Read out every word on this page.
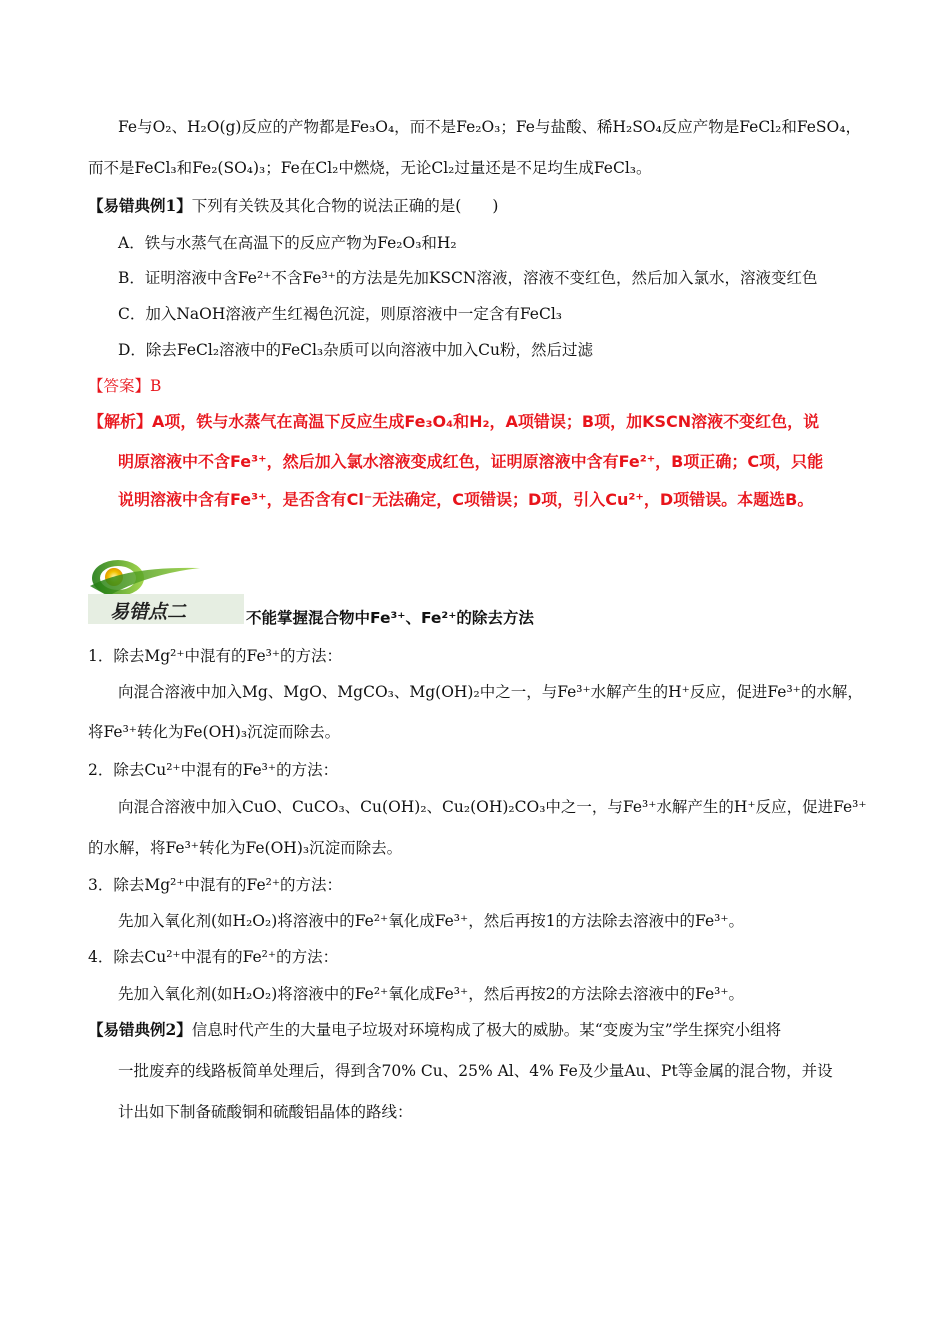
Fe与O₂、H₂O(g)反应的产物都是Fe₃O₄，而不是Fe₂O₃；Fe与盐酸、稀H₂SO₄反应产物是FeCl₂和FeSO₄，
而不是FeCl₃和Fe₂(SO₄)₃；Fe在Cl₂中燃烧，无论Cl₂过量还是不足均生成FeCl₃。
【易错典例1】下列有关铁及其化合物的说法正确的是(　　)
A．铁与水蒸气在高温下的反应产物为Fe₂O₃和H₂
B．证明溶液中含Fe²⁺不含Fe³⁺的方法是先加KSCN溶液，溶液不变红色，然后加入氯水，溶液变红色
C．加入NaOH溶液产生红褐色沉淀，则原溶液中一定含有FeCl₃
D．除去FeCl₂溶液中的FeCl₃杂质可以向溶液中加入Cu粉，然后过滤
【答案】B
【解析】A项，铁与水蒸气在高温下反应生成Fe₃O₄和H₂，A项错误；B项，加KSCN溶液不变红色，说
明原溶液中不含Fe³⁺，然后加入氯水溶液变成红色，证明原溶液中含有Fe²⁺，B项正确；C项，只能
说明溶液中含有Fe³⁺，是否含有Cl⁻无法确定，C项错误；D项，引入Cu²⁺，D项错误。本题选B。
易错点二	不能掌握混合物中Fe³⁺、Fe²⁺的除去方法
1．除去Mg²⁺中混有的Fe³⁺的方法：
向混合溶液中加入Mg、MgO、MgCO₃、Mg(OH)₂中之一，与Fe³⁺水解产生的H⁺反应，促进Fe³⁺的水解，
将Fe³⁺转化为Fe(OH)₃沉淀而除去。
2．除去Cu²⁺中混有的Fe³⁺的方法：
向混合溶液中加入CuO、CuCO₃、Cu(OH)₂、Cu₂(OH)₂CO₃中之一，与Fe³⁺水解产生的H⁺反应，促进Fe³⁺
的水解，将Fe³⁺转化为Fe(OH)₃沉淀而除去。
3．除去Mg²⁺中混有的Fe²⁺的方法：
先加入氧化剂(如H₂O₂)将溶液中的Fe²⁺氧化成Fe³⁺，然后再按1的方法除去溶液中的Fe³⁺。
4．除去Cu²⁺中混有的Fe²⁺的方法：
先加入氧化剂(如H₂O₂)将溶液中的Fe²⁺氧化成Fe³⁺，然后再按2的方法除去溶液中的Fe³⁺。
【易错典例2】信息时代产生的大量电子垃圾对环境构成了极大的威胁。某“变废为宝”学生探究小组将
一批废弃的线路板简单处理后，得到含70% Cu、25% Al、4% Fe及少量Au、Pt等金属的混合物，并设
计出如下制备硫酸铜和硫酸铝晶体的路线：
